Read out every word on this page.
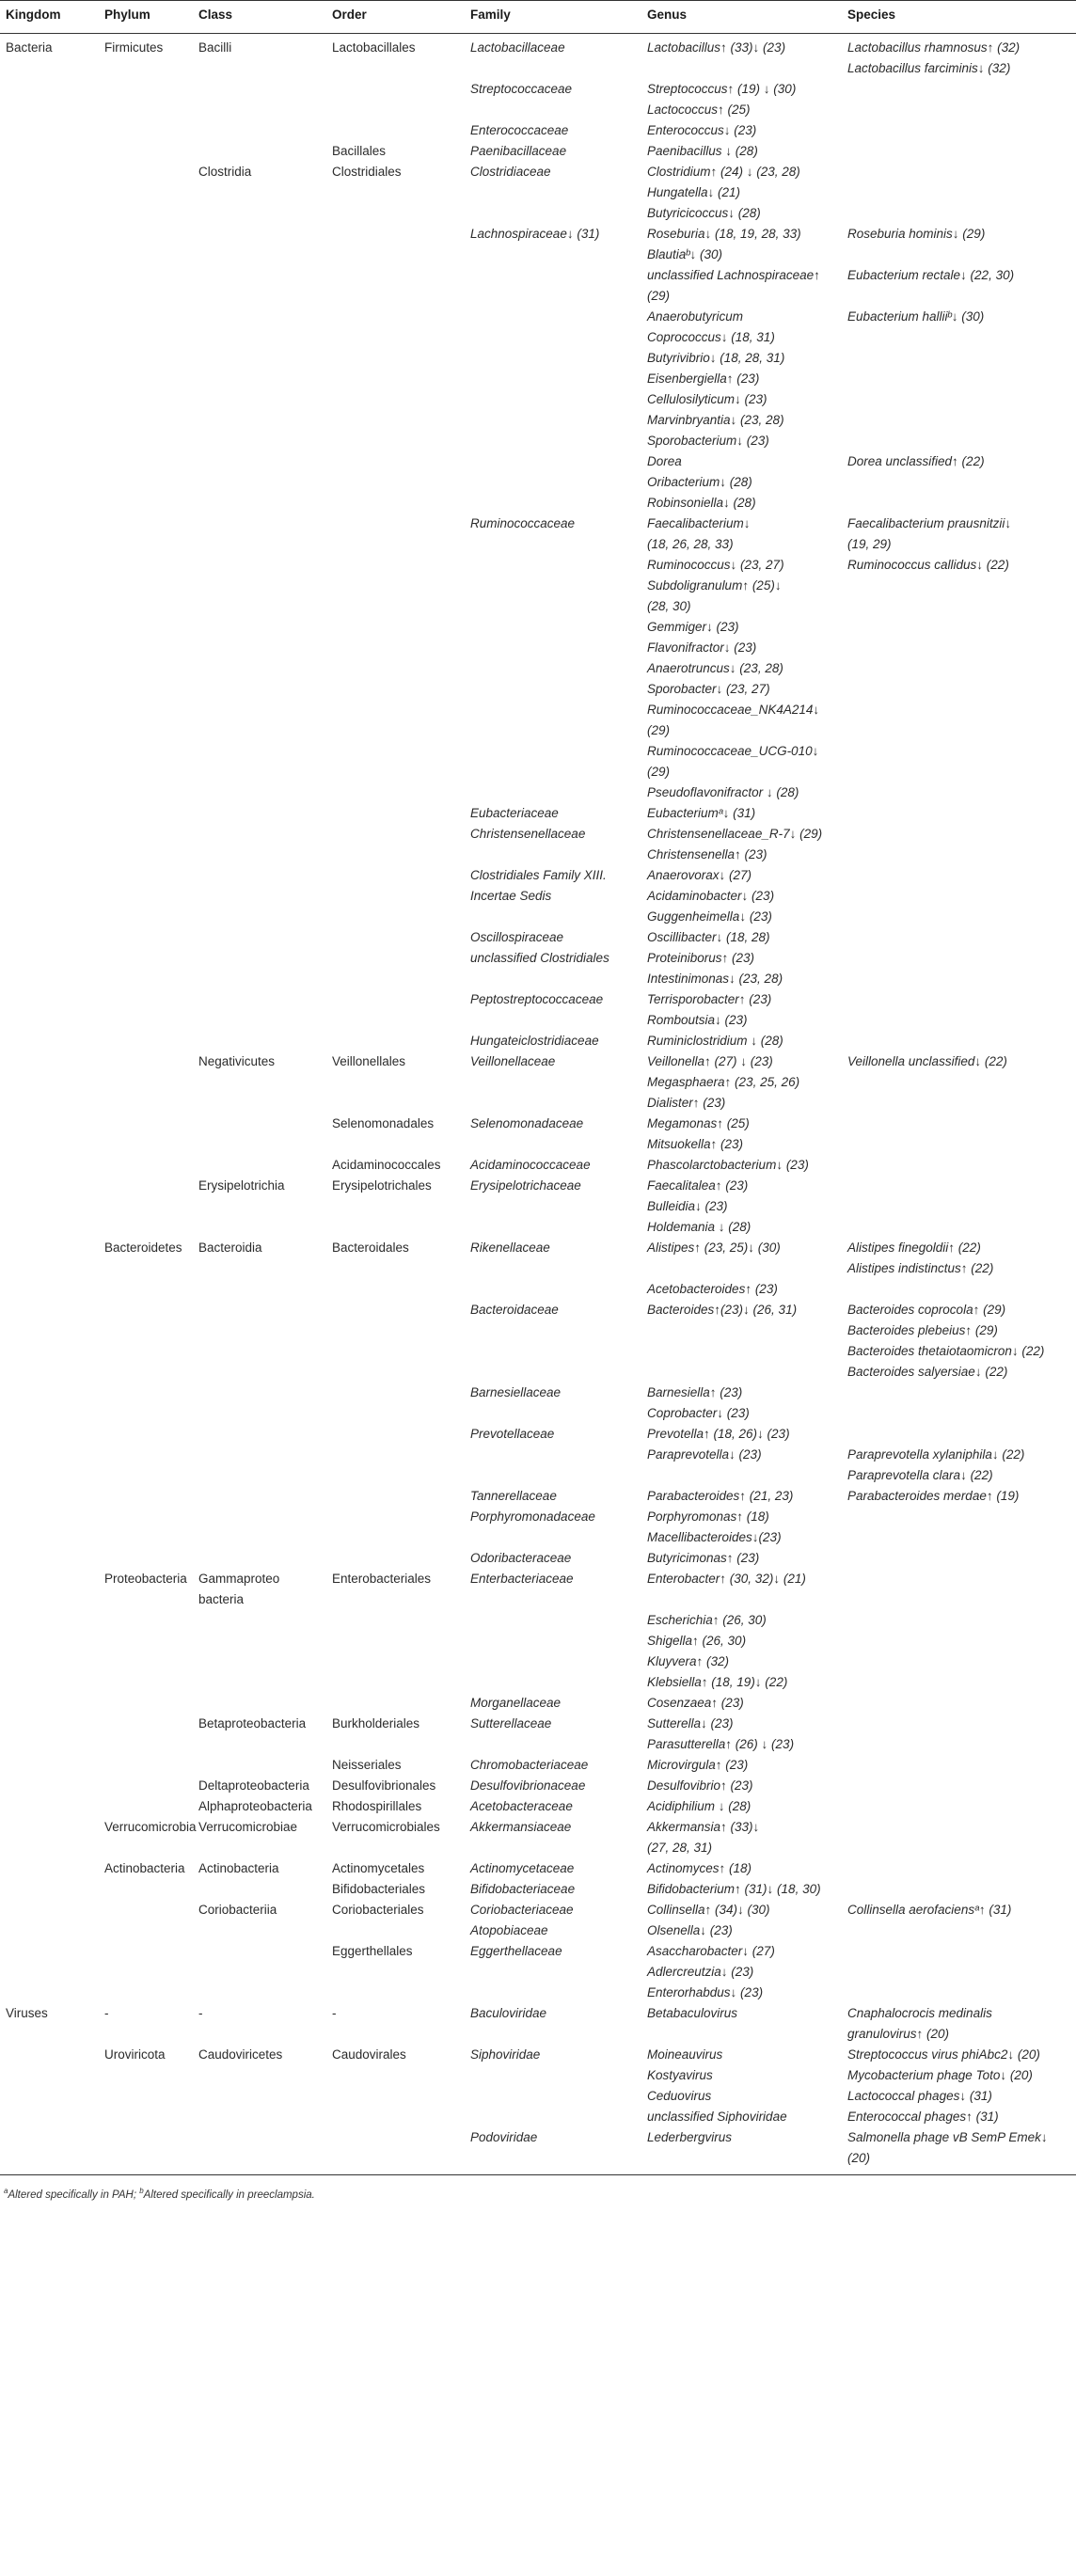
Kingdom	Phylum	Class	Order	Family	Genus	Species
Bacteria	Firmicutes	Bacilli	Lactobacillales	Lactobacillaceae	Lactobacillus↑ (33)↓ (23)	Lactobacillus rhamnosus↑ (32)
						Lactobacillus farciminis↓ (32)
				Streptococcaceae	Streptococcus↑ (19) ↓ (30)	
					Lactococcus↑ (25)	
				Enterococcaceae	Enterococcus↓ (23)	
			Bacillales	Paenibacillaceae	Paenibacillus ↓ (28)	
		Clostridia	Clostridiales	Clostridiaceae	Clostridium↑ (24) ↓ (23, 28)	
					Hungatella↓ (21)	
					Butyricicoccus↓ (28)	
				Lachnospiraceae↓ (31)	Roseburia↓ (18, 19, 28, 33)	Roseburia hominis↓ (29)
					Blautiaᵇ↓ (30)	
					unclassified Lachnospiraceae↑	Eubacterium rectale↓ (22, 30)
					(29)	
					Anaerobutyricum	Eubacterium halliiᵇ↓ (30)
					Coprococcus↓ (18, 31)	
					Butyrivibrio↓ (18, 28, 31)	
					Eisenbergiella↑ (23)	
					Cellulosilyticum↓ (23)	
					Marvinbryantia↓ (23, 28)	
					Sporobacterium↓ (23)	
					Dorea	Dorea unclassified↑ (22)
					Oribacterium↓ (28)	
					Robinsoniella↓ (28)	
				Ruminococcaceae	Faecalibacterium↓	Faecalibacterium prausnitzii↓
					(18, 26, 28, 33)	(19, 29)
					Ruminococcus↓ (23, 27)	Ruminococcus callidus↓ (22)
					Subdoligranulum↑ (25)↓	
					(28, 30)	
					Gemmiger↓ (23)	
					Flavonifractor↓ (23)	
					Anaerotruncus↓ (23, 28)	
					Sporobacter↓ (23, 27)	
					Ruminococcaceae_NK4A214↓	
					(29)	
					Ruminococcaceae_UCG-010↓	
					(29)	
					Pseudoflavonifractor ↓ (28)	
				Eubacteriaceae	Eubacteriumᵃ↓ (31)	
				Christensenellaceae	Christensenellaceae_R-7↓ (29)	
					Christensenella↑ (23)	
				Clostridiales Family XIII.	Anaerovorax↓ (27)	
				Incertae Sedis	Acidaminobacter↓ (23)	
					Guggenheimella↓ (23)	
				Oscillospiraceae	Oscillibacter↓ (18, 28)	
				unclassified Clostridiales	Proteiniborus↑ (23)	
					Intestinimonas↓ (23, 28)	
				Peptostreptococcaceae	Terrisporobacter↑ (23)	
					Romboutsia↓ (23)	
				Hungateiclostridiaceae	Ruminiclostridium ↓ (28)	
		Negativicutes	Veillonellales	Veillonellaceae	Veillonella↑ (27) ↓ (23)	Veillonella unclassified↓ (22)
					Megasphaera↑ (23, 25, 26)	
					Dialister↑ (23)	
			Selenomonadales	Selenomonadaceae	Megamonas↑ (25)	
					Mitsuokella↑ (23)	
			Acidaminococcales	Acidaminococcaceae	Phascolarctobacterium↓ (23)	
		Erysipelotrichia	Erysipelotrichales	Erysipelotrichaceae	Faecalitalea↑ (23)	
					Bulleidia↓ (23)	
					Holdemania ↓ (28)	
	Bacteroidetes	Bacteroidia	Bacteroidales	Rikenellaceae	Alistipes↑ (23, 25)↓ (30)	Alistipes finegoldii↑ (22)
						Alistipes indistinctus↑ (22)
					Acetobacteroides↑ (23)	
				Bacteroidaceae	Bacteroides↑(23)↓ (26, 31)	Bacteroides coprocola↑ (29)
						Bacteroides plebeius↑ (29)
						Bacteroides thetaiotaomicron↓ (22)
						Bacteroides salyersiae↓ (22)
				Barnesiellaceae	Barnesiella↑ (23)	
					Coprobacter↓ (23)	
				Prevotellaceae	Prevotella↑ (18, 26)↓ (23)	
					Paraprevotella↓ (23)	Paraprevotella xylaniphila↓ (22)
						Paraprevotella clara↓ (22)
				Tannerellaceae	Parabacteroides↑ (21, 23)	Parabacteroides merdae↑ (19)
				Porphyromonadaceae	Porphyromonas↑ (18)	
					Macellibacteroides↓(23)	
				Odoribacteraceae	Butyricimonas↑ (23)	
	Proteobacteria	Gammaproteo	Enterobacteriales	Enterbacteriaceae	Enterobacter↑ (30, 32)↓ (21)	
		bacteria				
					Escherichia↑ (26, 30)	
					Shigella↑ (26, 30)	
					Kluyvera↑ (32)	
					Klebsiella↑ (18, 19)↓ (22)	
				Morganellaceae	Cosenzaea↑ (23)	
		Betaproteobacteria	Burkholderiales	Sutterellaceae	Sutterella↓ (23)	
					Parasutterella↑ (26) ↓ (23)	
			Neisseriales	Chromobacteriaceae	Microvirgula↑ (23)	
		Deltaproteobacteria	Desulfovibrionales	Desulfovibrionaceae	Desulfovibrio↑ (23)	
		Alphaproteobacteria	Rhodospirillales	Acetobacteraceae	Acidiphilium ↓ (28)	
	Verrucomicrobia	Verrucomicrobiae	Verrucomicrobiales	Akkermansiaceae	Akkermansia↑ (33)↓	
					(27, 28, 31)	
	Actinobacteria	Actinobacteria	Actinomycetales	Actinomycetaceae	Actinomyces↑ (18)	
			Bifidobacteriales	Bifidobacteriaceae	Bifidobacterium↑ (31)↓ (18, 30)	
		Coriobacteriia	Coriobacteriales	Coriobacteriaceae	Collinsella↑ (34)↓ (30)	Collinsella aerofaciensᵃ↑ (31)
				Atopobiaceae	Olsenella↓ (23)	
			Eggerthellales	Eggerthellaceae	Asaccharobacter↓ (27)	
					Adlercreutzia↓ (23)	
					Enterorhabdus↓ (23)	
Viruses	-	-	-	Baculoviridae	Betabaculovirus	Cnaphalocrocis medinalis
						granulovirus↑ (20)
	Uroviricota	Caudoviricetes	Caudovirales	Siphoviridae	Moineauvirus	Streptococcus virus phiAbc2↓ (20)
					Kostyavirus	Mycobacterium phage Toto↓ (20)
					Ceduovirus	Lactococcal phages↓ (31)
					unclassified Siphoviridae	Enterococcal phages↑ (31)
				Podoviridae	Lederbergvirus	Salmonella phage vB SemP Emek↓
						(20)
$^a$Altered specifically in PAH; $^b$Altered specifically in preeclampsia.
